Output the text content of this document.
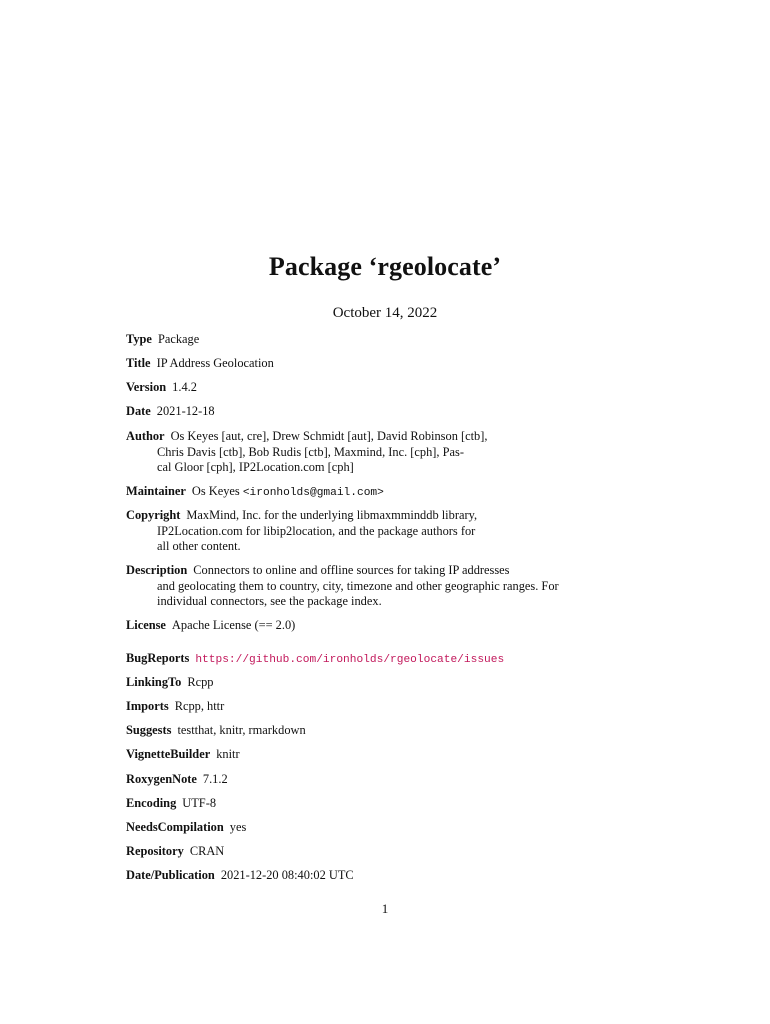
Package ‘rgeolocate’
October 14, 2022
Type Package
Title IP Address Geolocation
Version 1.4.2
Date 2021-12-18
Author Os Keyes [aut, cre], Drew Schmidt [aut], David Robinson [ctb],
Chris Davis [ctb], Bob Rudis [ctb], Maxmind, Inc. [cph], Pas-
cal Gloor [cph], IP2Location.com [cph]
Maintainer Os Keyes <ironholds@gmail.com>
Copyright MaxMind, Inc. for the underlying libmaxmminddb library,
IP2Location.com for libip2location, and the package authors for
all other content.
Description Connectors to online and offline sources for taking IP addresses
and geolocating them to country, city, timezone and other geographic ranges. For
individual connectors, see the package index.
License Apache License (== 2.0)
BugReports https://github.com/ironholds/rgeolocate/issues
LinkingTo Rcpp
Imports Rcpp, httr
Suggests testthat, knitr, rmarkdown
VignetteBuilder knitr
RoxygenNote 7.1.2
Encoding UTF-8
NeedsCompilation yes
Repository CRAN
Date/Publication 2021-12-20 08:40:02 UTC
1
